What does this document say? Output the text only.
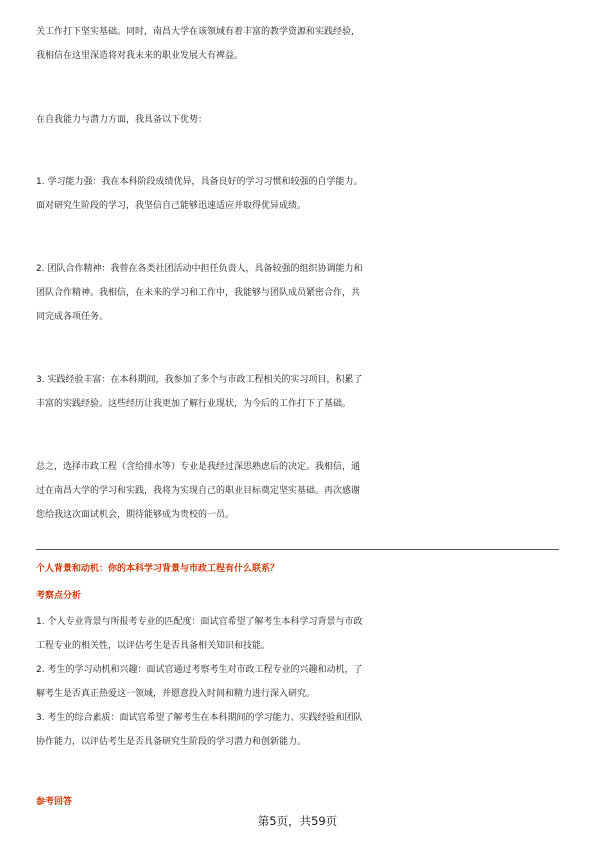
关工作打下坚实基础。同时，南昌大学在该领域有着丰富的教学资源和实践经验，

我相信在这里深造将对我未来的职业发展大有裨益。

在自我能力与潜力方面，我具备以下优势：

1. 学习能力强：我在本科阶段成绩优异，具备良好的学习习惯和较强的自学能力。

面对研究生阶段的学习，我坚信自己能够迅速适应并取得优异成绩。

2. 团队合作精神：我曾在各类社团活动中担任负责人，具备较强的组织协调能力和

团队合作精神。我相信，在未来的学习和工作中，我能够与团队成员紧密合作，共

同完成各项任务。

3. 实践经验丰富：在本科期间，我参加了多个与市政工程相关的实习项目，积累了

丰富的实践经验。这些经历让我更加了解行业现状，为今后的工作打下了基础。

总之，选择市政工程（含给排水等）专业是我经过深思熟虑后的决定。我相信，通

过在南昌大学的学习和实践，我将为实现自己的职业目标奠定坚实基础。再次感谢

您给我这次面试机会，期待能够成为贵校的一员。

个人背景和动机：你的本科学习背景与市政工程有什么联系？

考察点分析

1. 个人专业背景与所报考专业的匹配度：面试官希望了解考生本科学习背景与市政

工程专业的相关性，以评估考生是否具备相关知识和技能。

2. 考生的学习动机和兴趣：面试官通过考察考生对市政工程专业的兴趣和动机，了

解考生是否真正热爱这一领域，并愿意投入时间和精力进行深入研究。

3. 考生的综合素质：面试官希望了解考生在本科期间的学习能力、实践经验和团队

协作能力，以评估考生是否具备研究生阶段的学习潜力和创新能力。

参考回答

第5页，共59页
